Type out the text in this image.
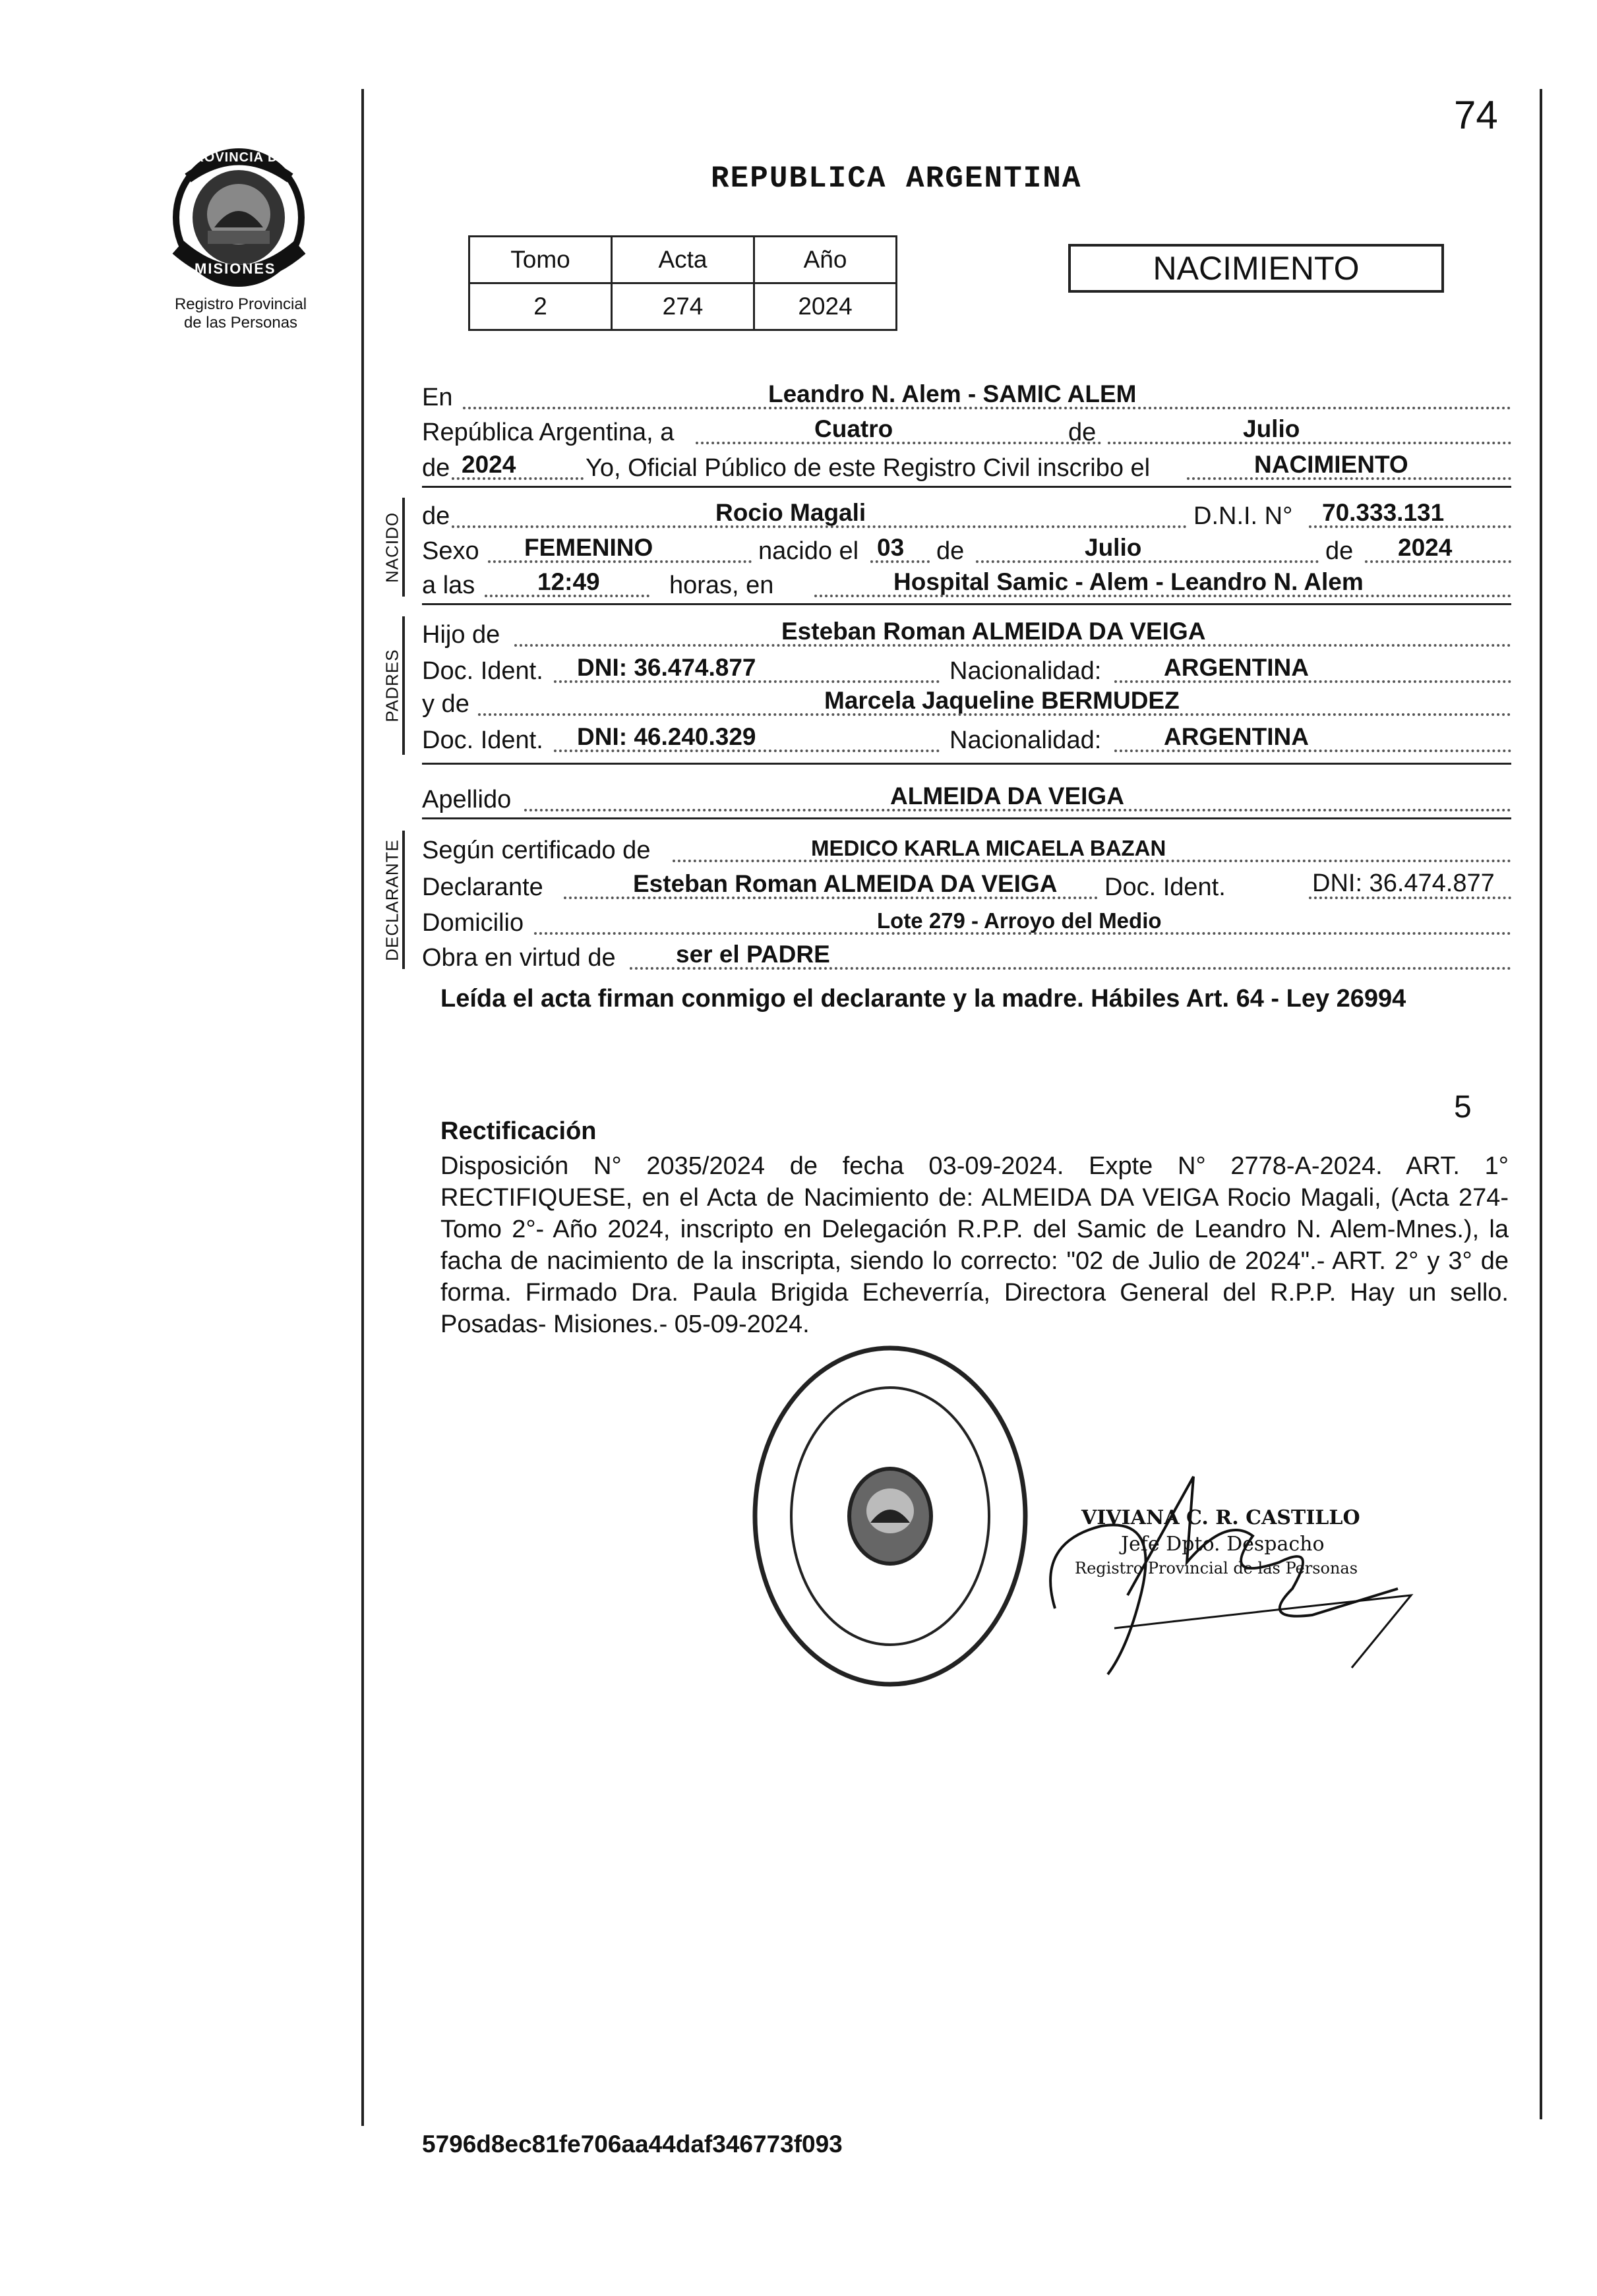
PROVINCIA DE
MISIONES
Registro Provincial
de las Personas
74
REPUBLICA ARGENTINA
Tomo	Acta	Año
2	274	2024
NACIMIENTO
En	Leandro N. Alem - SAMIC ALEM
República Argentina, a	Cuatro	de	Julio
de 2024	Yo, Oficial Público de este Registro Civil inscribo el	NACIMIENTO
NACIDO de	Rocio Magali	D.N.I. N° 70.333.131
Sexo FEMENINO	nacido el 03 de	Julio	de 2024
a las	12:49	horas, en	Hospital Samic - Alem - Leandro N. Alem
PADRES
Hijo de	Esteban Roman ALMEIDA DA VEIGA
Doc. Ident. DNI: 36.474.877	Nacionalidad:	ARGENTINA
y de	Marcela Jaqueline BERMUDEZ
Doc. Ident. DNI: 46.240.329	Nacionalidad:	ARGENTINA
Apellido	ALMEIDA DA VEIGA
DECLARANTE Según certificado de	MEDICO KARLA MICAELA BAZAN
Declarante	Esteban Roman ALMEIDA DA VEIGA Doc. Ident.	DNI: 36.474.877
Domicilio	Lote 279 - Arroyo del Medio
Obra en virtud de ser el PADRE
Leída el acta firman conmigo el declarante y la madre. Hábiles Art. 64 - Ley 26994
5
Rectificación
Disposición N° 2035/2024 de fecha 03-09-2024. Expte N° 2778-A-2024. ART. 1° RECTIFIQUESE, en el Acta de Nacimiento de: ALMEIDA DA VEIGA Rocio Magali, (Acta 274- Tomo 2°- Año 2024, inscripto en Delegación R.P.P. del Samic de Leandro N. Alem-Mnes.), la facha de nacimiento de la inscripta, siendo lo correcto: "02 de Julio de 2024".- ART. 2° y 3° de forma. Firmado Dra. Paula Brigida Echeverría, Directora General del R.P.P. Hay un sello. Posadas- Misiones.- 05-09-2024.
VIVIANA C. R. CASTILLO
Jefe Dpto. Despacho
Registro Provincial de las Personas
5796d8ec81fe706aa44daf346773f093
